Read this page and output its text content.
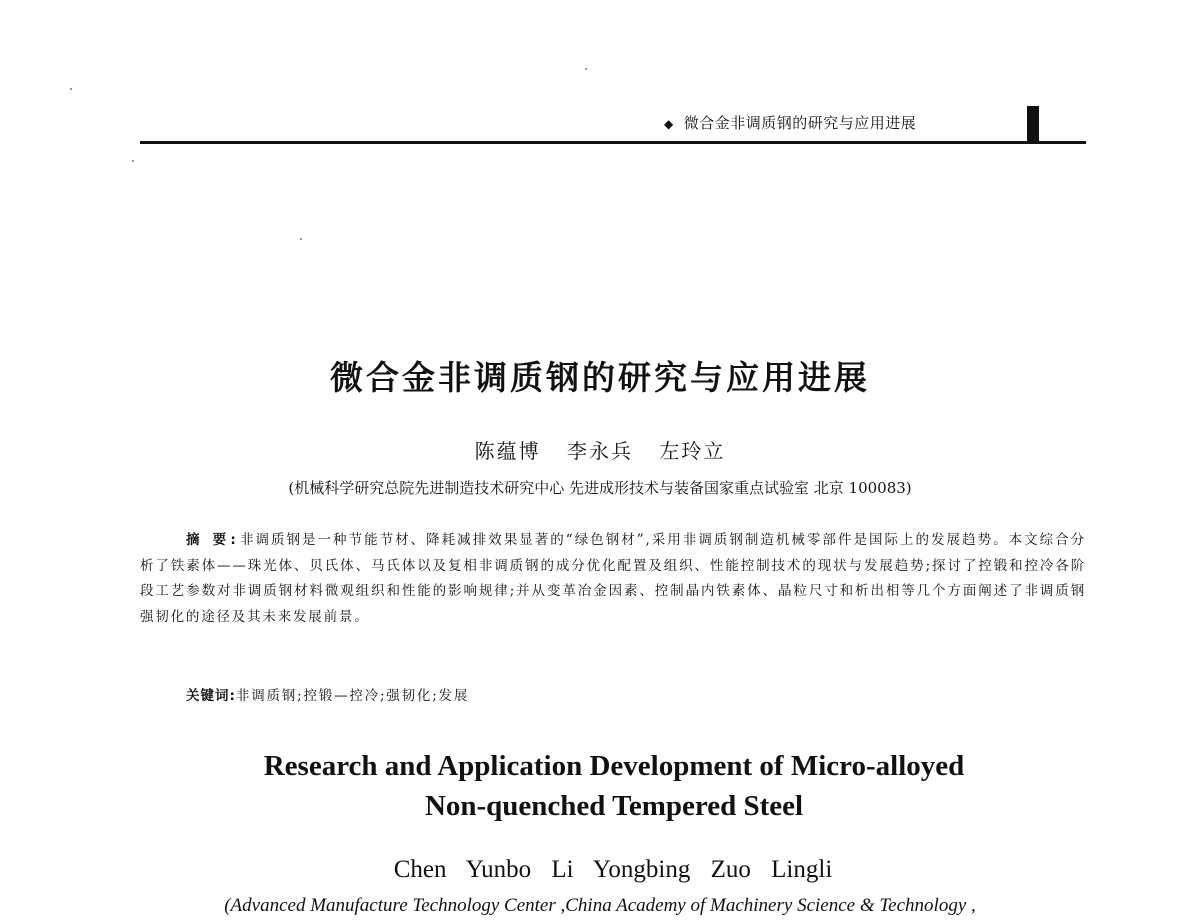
◆ 微合金非调质钢的研究与应用进展
微合金非调质钢的研究与应用进展
陈蕴博 李永兵 左玲立
(机械科学研究总院先进制造技术研究中心 先进成形技术与装备国家重点试验室 北京 100083)
摘 要:非调质钢是一种节能节材、降耗减排效果显著的“绿色钢材”,采用非调质钢制造机械零部件是国际上的发展趋势。本文综合分析了铁素体——珠光体、贝氏体、马氏体以及复相非调质钢的成分优化配置及组织、性能控制技术的现状与发展趋势;探讨了控锻和控冷各阶段工艺参数对非调质钢材料微观组织和性能的影响规律;并从变革冶金因素、控制晶内铁素体、晶粒尺寸和析出相等几个方面阐述了非调质钢强韧化的途径及其未来发展前景。
关键词:非调质钢;控锻—控冷;强韧化;发展
Research and Application Development of Micro-alloyed
Non-quenched Tempered Steel
Chen Yunbo Li Yongbing Zuo Lingli
(Advanced Manufacture Technology Center ,China Academy of Machinery Science & Technology ,
